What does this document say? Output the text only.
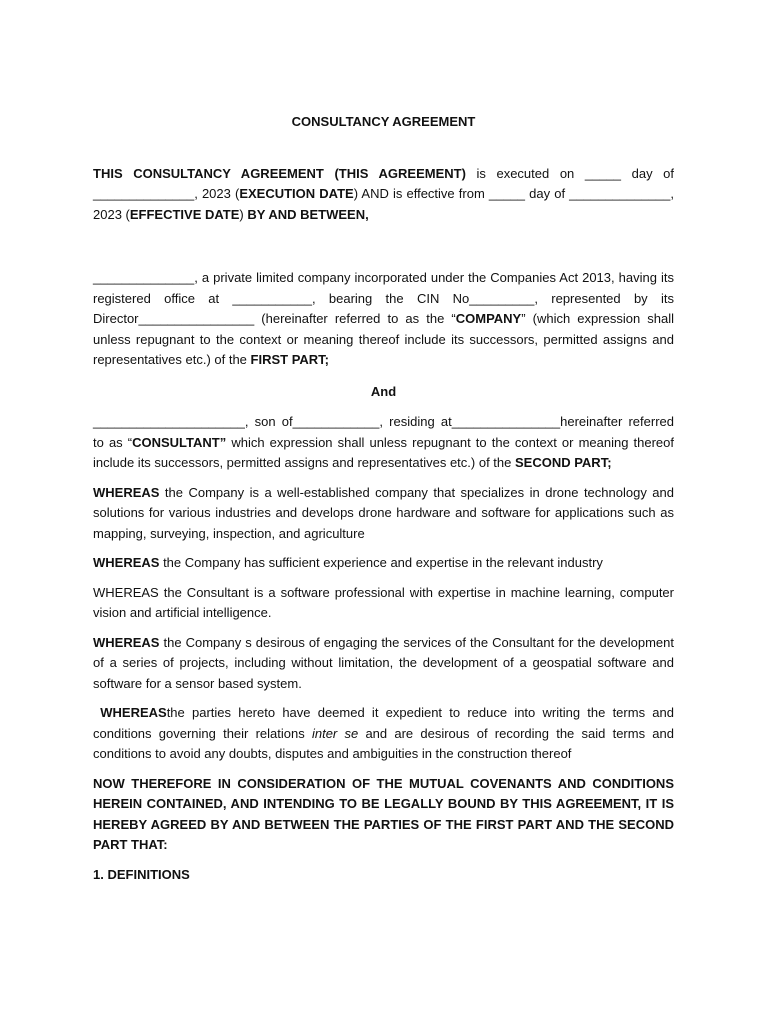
CONSULTANCY AGREEMENT

THIS CONSULTANCY AGREEMENT (THIS AGREEMENT) is executed on _____ day of ______________, 2023 (EXECUTION DATE) AND is effective from _____ day of ______________, 2023 (EFFECTIVE DATE) BY AND BETWEEN,

______________, a private limited company incorporated under the Companies Act 2013, having its registered office at ___________, bearing the CIN No_________, represented by its Director________________ (hereinafter referred to as the “COMPANY” (which expression shall unless repugnant to the context or meaning thereof include its successors, permitted assigns and representatives etc.) of the FIRST PART;

And

_____________________, son of____________, residing at_______________hereinafter referred to as “CONSULTANT” which expression shall unless repugnant to the context or meaning thereof include its successors, permitted assigns and representatives etc.) of the SECOND PART;

WHEREAS the Company is a well-established company that specializes in drone technology and solutions for various industries and develops drone hardware and software for applications such as mapping, surveying, inspection, and agriculture

WHEREAS the Company has sufficient experience and expertise in the relevant industry

WHEREAS the Consultant is a software professional with expertise in machine learning, computer vision and artificial intelligence.

WHEREAS the Company s desirous of engaging the services of the Consultant for the development of a series of projects, including without limitation, the development of a geospatial software and software for a sensor based system.

WHEREASthe parties hereto have deemed it expedient to reduce into writing the terms and conditions governing their relations inter se and are desirous of recording the said terms and conditions to avoid any doubts, disputes and ambiguities in the construction thereof

NOW THEREFORE IN CONSIDERATION OF THE MUTUAL COVENANTS AND CONDITIONS HEREIN CONTAINED, AND INTENDING TO BE LEGALLY BOUND BY THIS AGREEMENT, IT IS HEREBY AGREED BY AND BETWEEN THE PARTIES OF THE FIRST PART AND THE SECOND PART THAT:

1. DEFINITIONS
